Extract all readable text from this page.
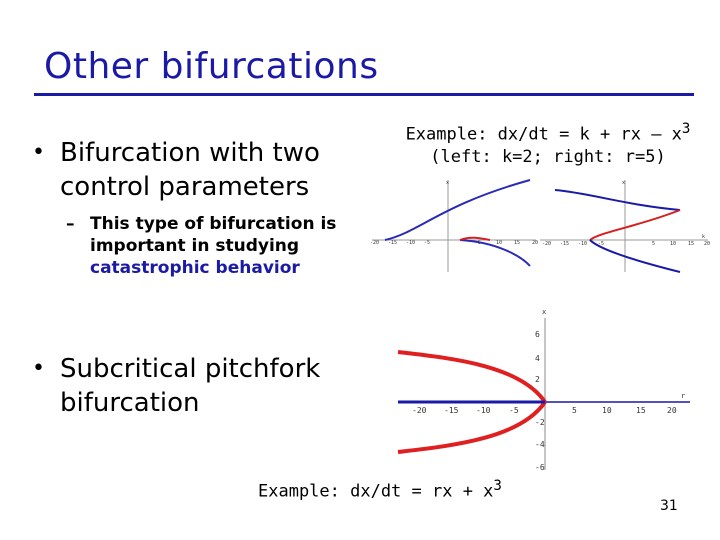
Other bifurcations
• Bifurcation with two
control parameters
– This type of bifurcation is
important in studying
catastrophic behavior
• Subcritical pitchfork
bifurcation
Example: dx/dt = k + rx – $x^3$
(left: k=2; right: r=5)
Example: dx/dt = rx + $x^3$
31
x
-20 -15 -10 -5	5	10 15 20
x
k
-20 -15 -10 -5	5	10 15 20
x
r
-20 -15 -10 -5	5	10	15	20
6
4
2
-2
-4
-6
